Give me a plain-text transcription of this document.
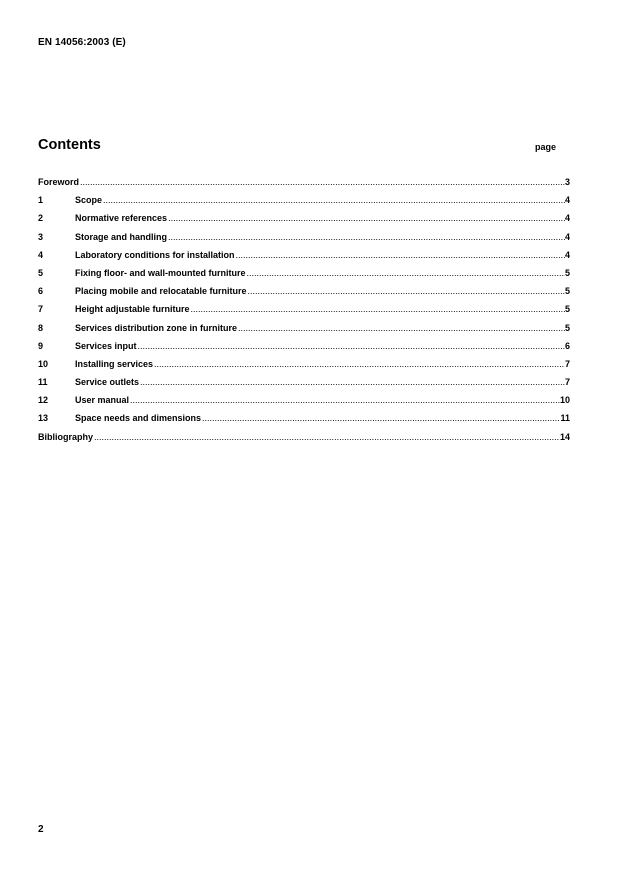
EN 14056:2003 (E)
Contents	page
Foreword .....	3
1	Scope .....	4
2	Normative references .....	4
3	Storage and handling .....	4
4	Laboratory conditions for installation .....	4
5	Fixing floor- and wall-mounted furniture .....	5
6	Placing mobile and relocatable furniture .....	5
7	Height adjustable furniture .....	5
8	Services distribution zone in furniture .....	5
9	Services input .....	6
10	Installing services .....	7
11	Service outlets .....	7
12	User manual .....	10
13	Space needs and dimensions .....	11
Bibliography .....	14
2
